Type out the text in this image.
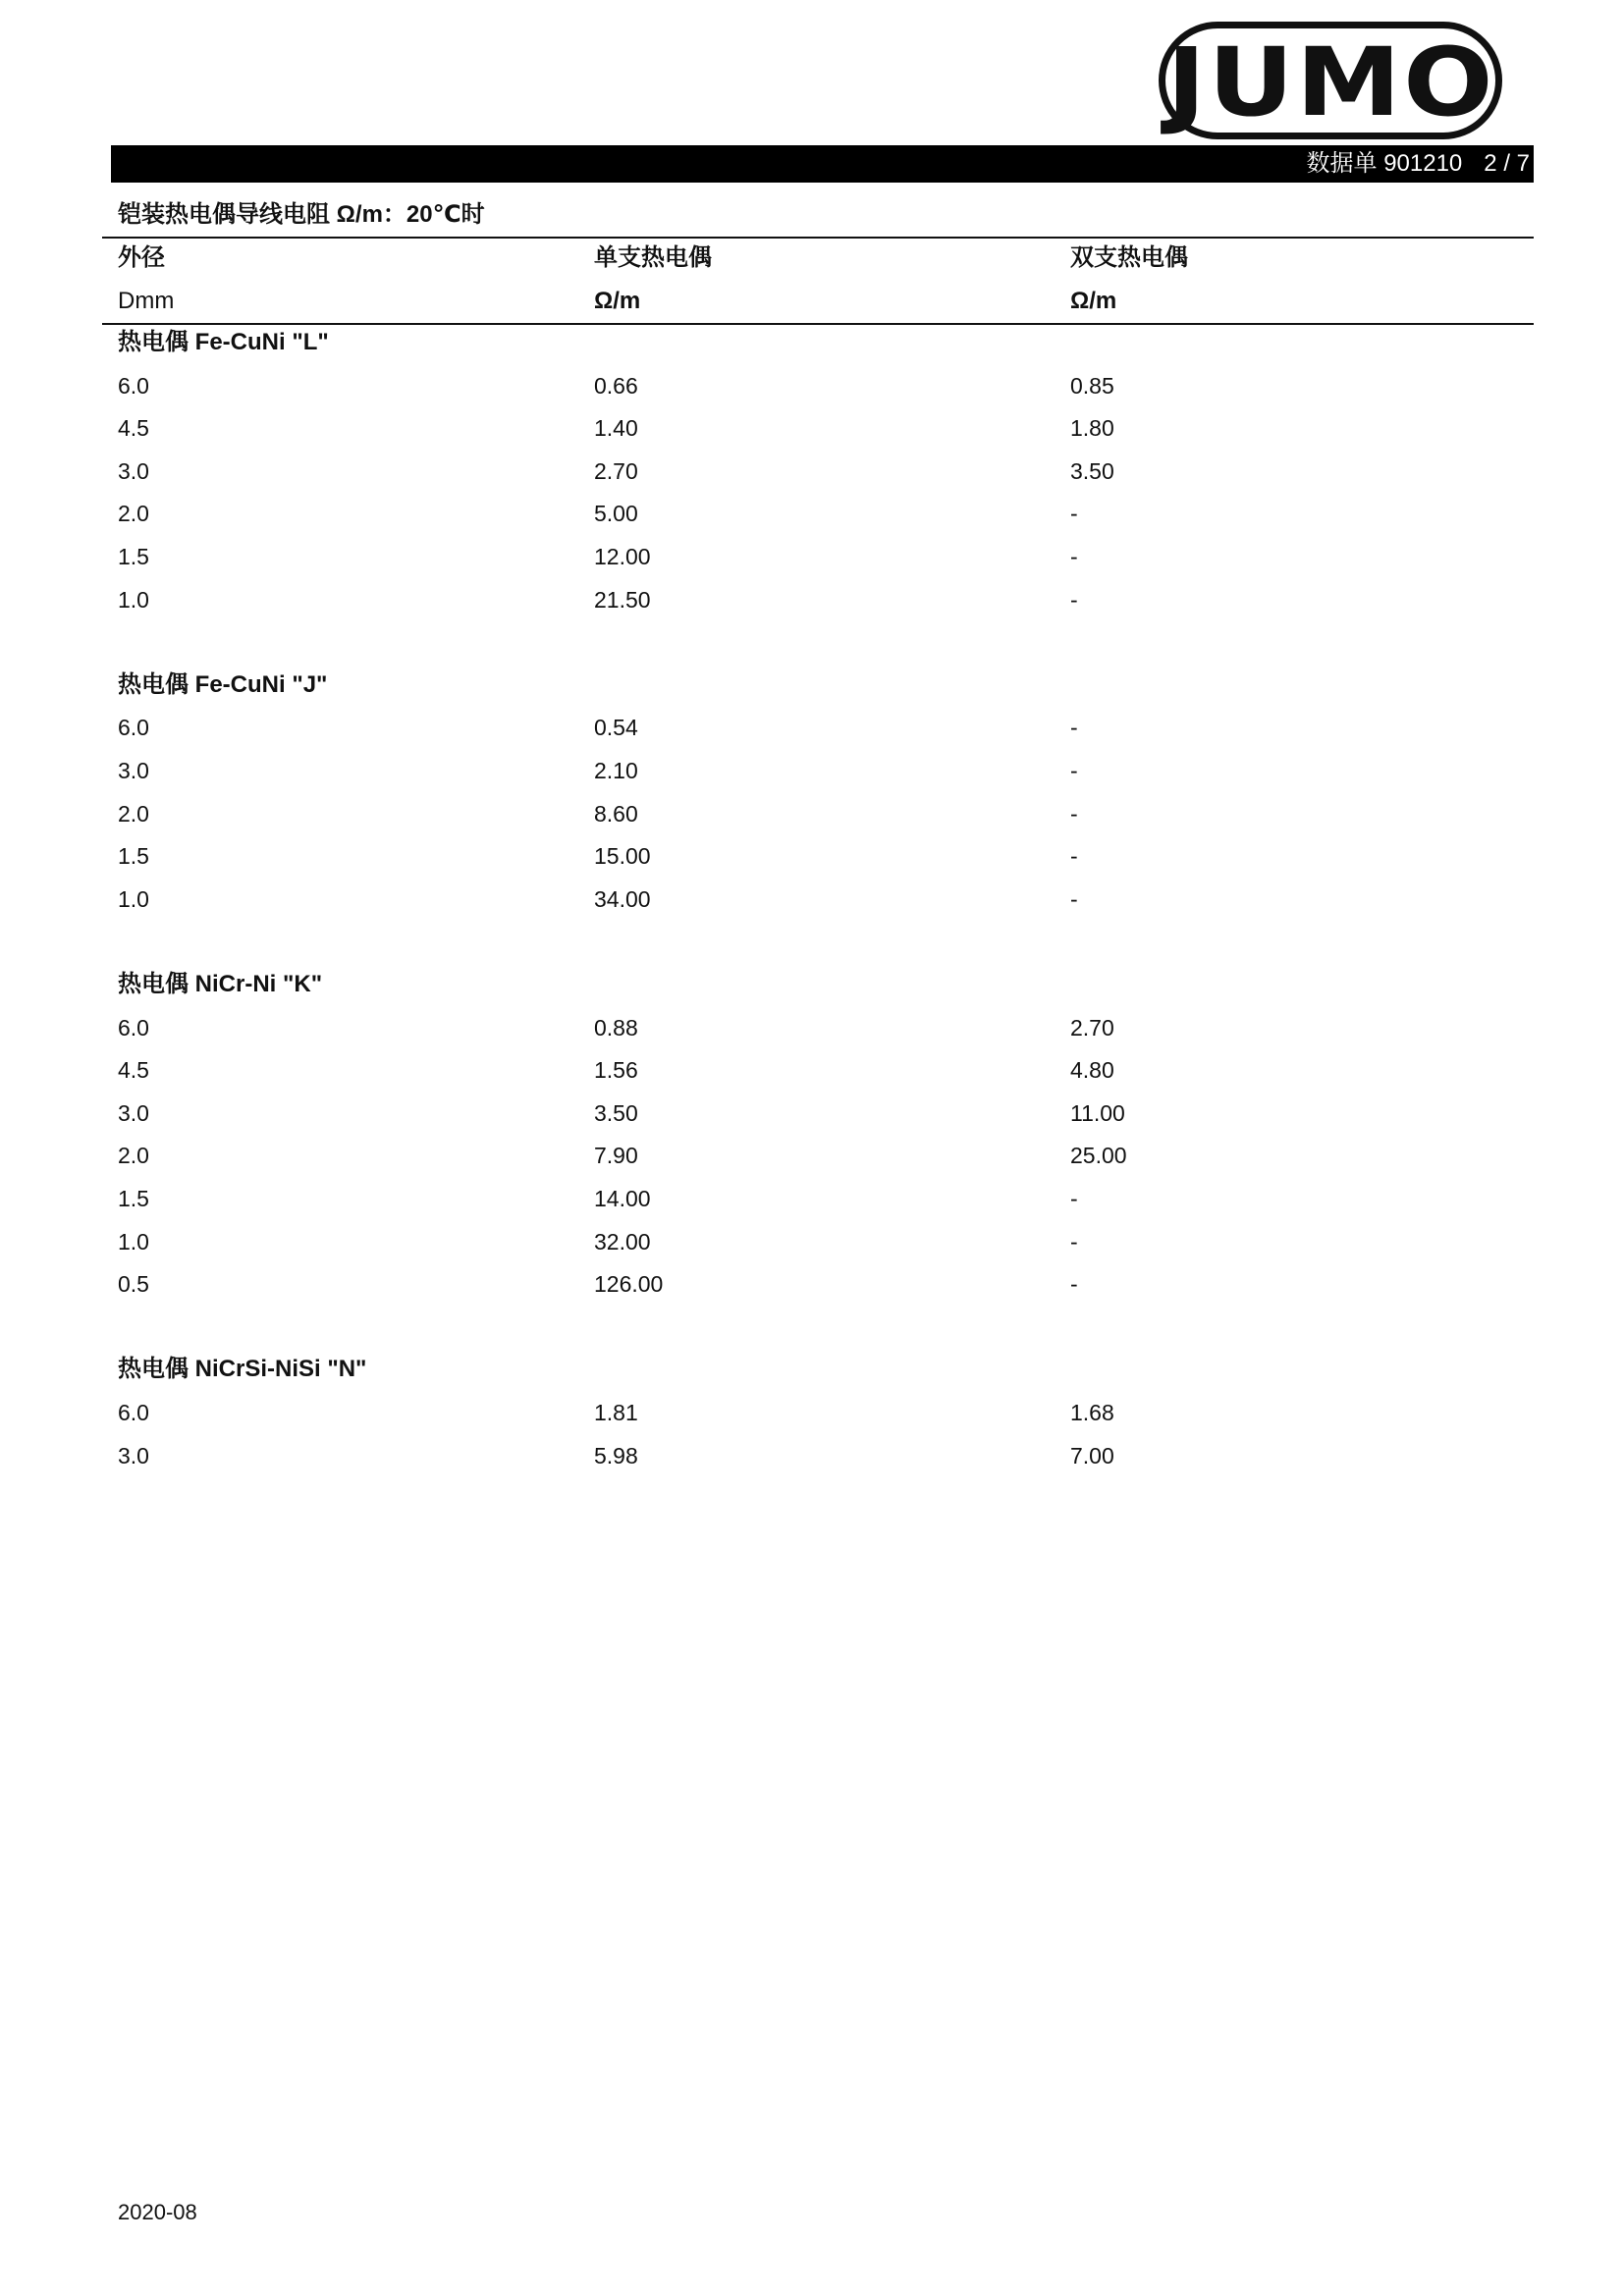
JUMO
数据单 901210 2 / 7
铠装热电偶导线电阻 Ω/m：20℃时
外径	单支热电偶	双支热电偶
Dmm	Ω/m	Ω/m
热电偶 Fe-CuNi "L"
6.0	0.66	0.85
4.5	1.40	1.80
3.0	2.70	3.50
2.0	5.00	-
1.5	12.00	-
1.0	21.50	-
热电偶 Fe-CuNi "J"
6.0	0.54	-
3.0	2.10	-
2.0	8.60	-
1.5	15.00	-
1.0	34.00	-
热电偶 NiCr-Ni "K"
6.0	0.88	2.70
4.5	1.56	4.80
3.0	3.50	11.00
2.0	7.90	25.00
1.5	14.00	-
1.0	32.00	-
0.5	126.00	-
热电偶 NiCrSi-NiSi "N"
6.0	1.81	1.68
3.0	5.98	7.00
2020-08
